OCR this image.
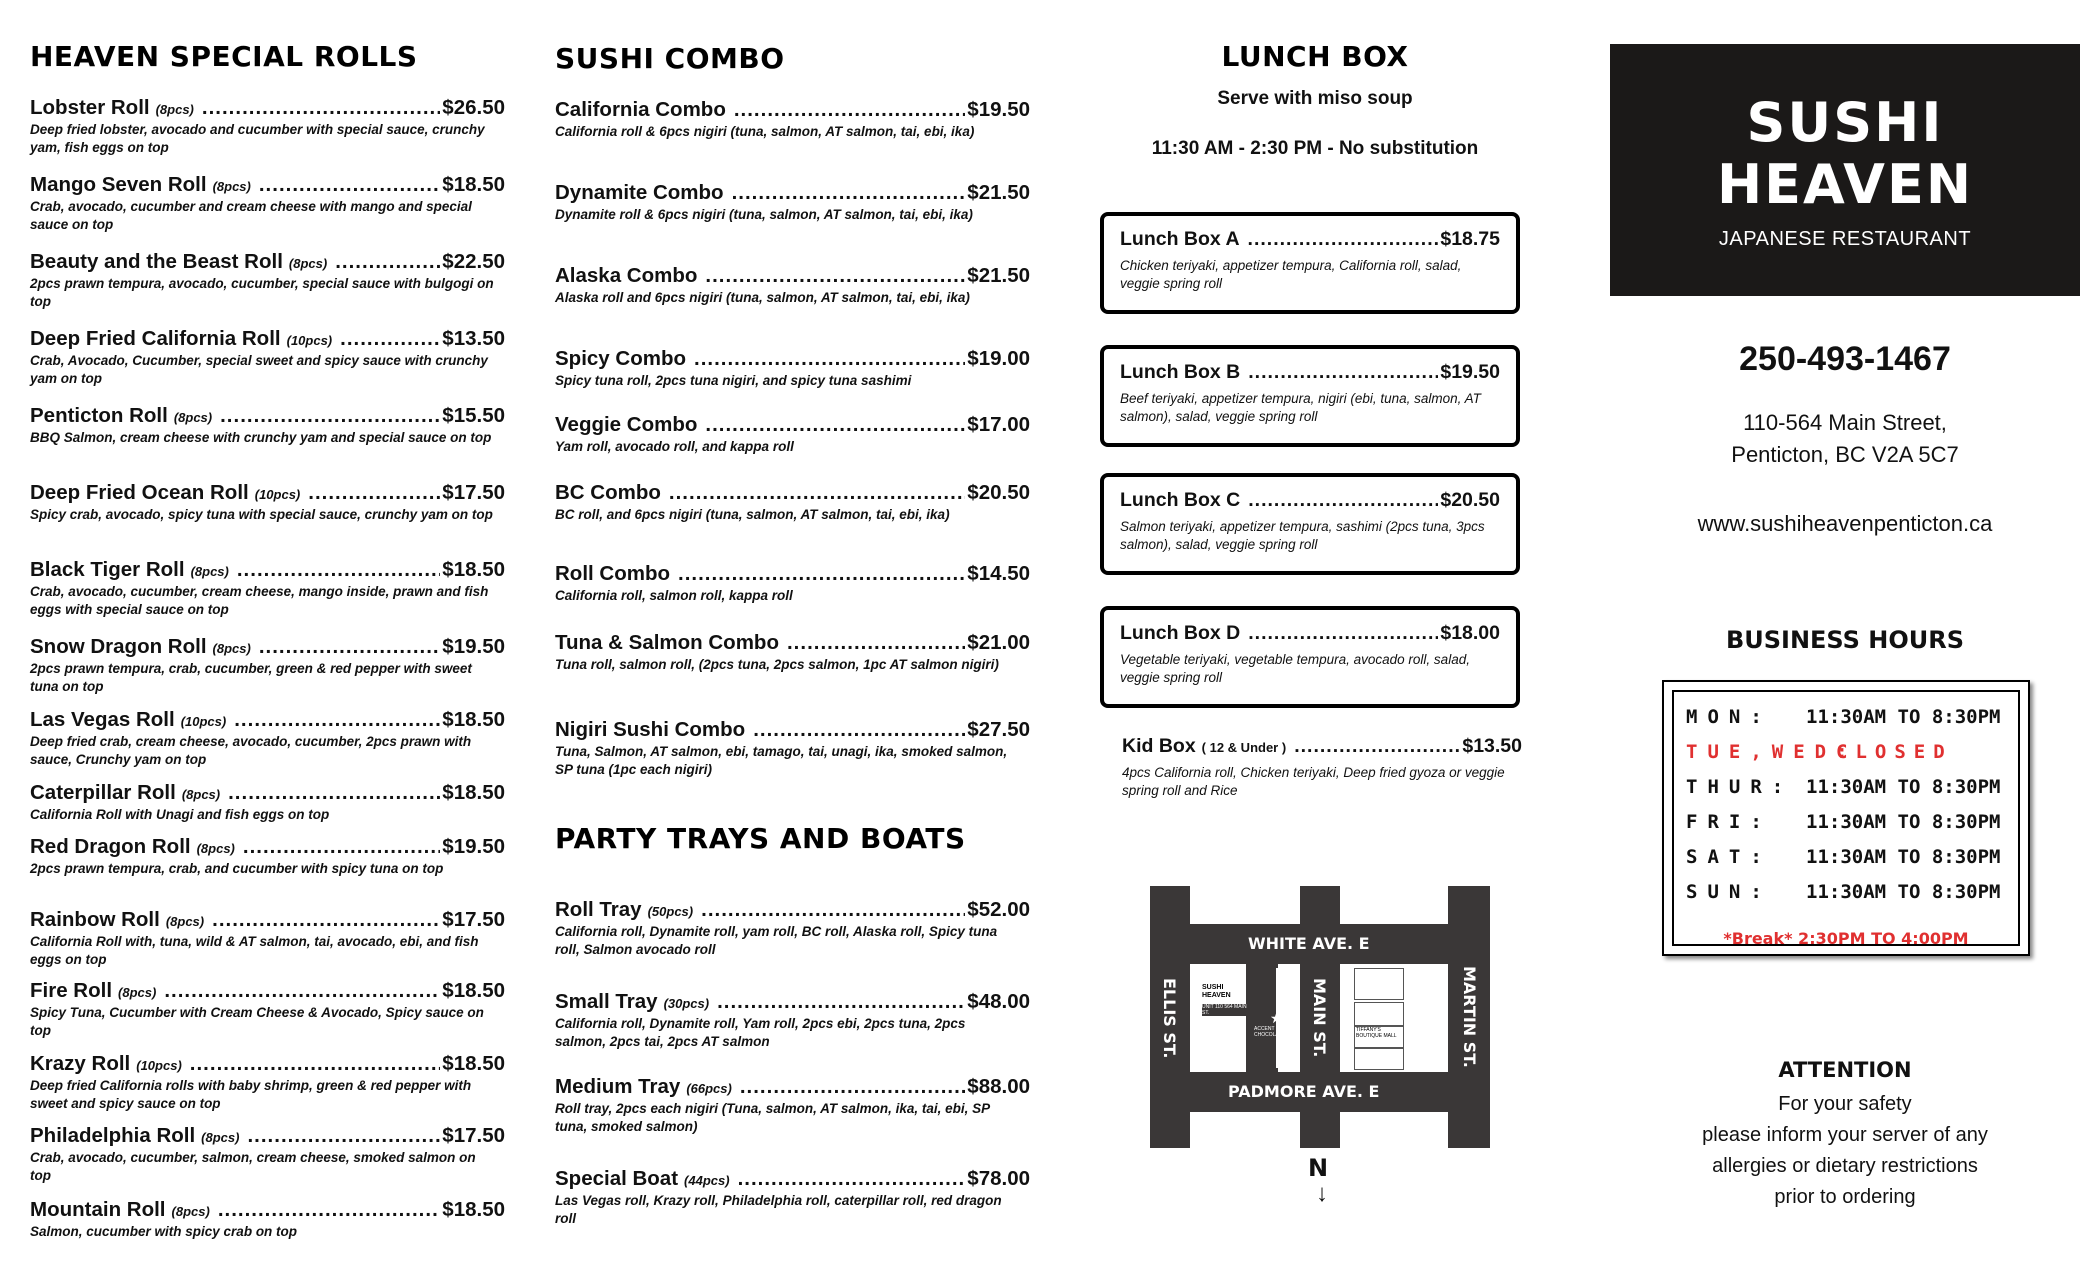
HEAVEN SPECIAL ROLLS
Lobster Roll (8pcs) .....	$26.50
Deep fried lobster, avocado and cucumber with special sauce, crunchy yam, fish eggs on top
Mango Seven Roll (8pcs) .....	$18.50
Crab, avocado, cucumber and cream cheese with mango and special sauce on top
Beauty and the Beast Roll (8pcs) .....	$22.50
2pcs prawn tempura, avocado, cucumber, special sauce with bulgogi on top
Deep Fried California Roll (10pcs) .....	$13.50
Crab, Avocado, Cucumber, special sweet and spicy sauce with crunchy yam on top
Penticton Roll (8pcs) .....	$15.50
BBQ Salmon, cream cheese with crunchy yam and special sauce on top
Deep Fried Ocean Roll (10pcs) .....	$17.50
Spicy crab, avocado, spicy tuna with special sauce, crunchy yam on top
Black Tiger Roll (8pcs) .....	$18.50
Crab, avocado, cucumber, cream cheese, mango inside, prawn and fish eggs with special sauce on top
Snow Dragon Roll (8pcs) .....	$19.50
2pcs prawn tempura, crab, cucumber, green & red pepper with sweet tuna on top
Las Vegas Roll (10pcs) .....	$18.50
Deep fried crab, cream cheese, avocado, cucumber, 2pcs prawn with sauce, Crunchy yam on top
Caterpillar Roll (8pcs) .....	$18.50
California Roll with Unagi and fish eggs on top
Red Dragon Roll (8pcs) .....	$19.50
2pcs prawn tempura, crab, and cucumber with spicy tuna on top
Rainbow Roll (8pcs) .....	$17.50
California Roll with, tuna, wild & AT salmon, tai, avocado, ebi, and fish eggs on top
Fire Roll (8pcs) .....	$18.50
Spicy Tuna, Cucumber with Cream Cheese & Avocado, Spicy sauce on top
Krazy Roll (10pcs) .....	$18.50
Deep fried California rolls with baby shrimp, green & red pepper with sweet and spicy sauce on top
Philadelphia Roll (8pcs) .....	$17.50
Crab, avocado, cucumber, salmon, cream cheese, smoked salmon on top
Mountain Roll (8pcs) .....	$18.50
Salmon, cucumber with spicy crab on top
SUSHI COMBO
California Combo .....	$19.50
California roll & 6pcs nigiri (tuna, salmon, AT salmon, tai, ebi, ika)
Dynamite Combo .....	$21.50
Dynamite roll & 6pcs nigiri (tuna, salmon, AT salmon, tai, ebi, ika)
Alaska Combo .....	$21.50
Alaska roll and 6pcs nigiri (tuna, salmon, AT salmon, tai, ebi, ika)
Spicy Combo .....	$19.00
Spicy tuna roll, 2pcs tuna nigiri, and spicy tuna sashimi
Veggie Combo .....	$17.00
Yam roll, avocado roll, and kappa roll
BC Combo .....	$20.50
BC roll, and 6pcs nigiri (tuna, salmon, AT salmon, tai, ebi, ika)
Roll Combo .....	$14.50
California roll, salmon roll, kappa roll
Tuna & Salmon Combo .....	$21.00
Tuna roll, salmon roll, (2pcs tuna, 2pcs salmon, 1pc AT salmon nigiri)
Nigiri Sushi Combo .....	$27.50
Tuna, Salmon, AT salmon, ebi, tamago, tai, unagi, ika, smoked salmon, SP tuna (1pc each nigiri)
PARTY TRAYS AND BOATS
Roll Tray (50pcs) .....	$52.00
California roll, Dynamite roll, yam roll, BC roll, Alaska roll, Spicy tuna roll, Salmon avocado roll
Small Tray (30pcs) .....	$48.00
California roll, Dynamite roll, Yam roll, 2pcs ebi, 2pcs tuna, 2pcs salmon, 2pcs tai, 2pcs AT salmon
Medium Tray (66pcs) .....	$88.00
Roll tray, 2pcs each nigiri (Tuna, salmon, AT salmon, ika, tai, ebi, SP tuna, smoked salmon)
Special Boat (44pcs) .....	$78.00
Las Vegas roll, Krazy roll, Philadelphia roll, caterpillar roll, red dragon roll
LUNCH BOX
Serve with miso soup
11:30 AM - 2:30 PM - No substitution
Lunch Box A .....	$18.75
Chicken teriyaki, appetizer tempura, California roll, salad, veggie spring roll
Lunch Box B .....	$19.50
Beef teriyaki, appetizer tempura, nigiri (ebi, tuna, salmon, AT salmon), salad, veggie spring roll
Lunch Box C .....	$20.50
Salmon teriyaki, appetizer tempura, sashimi (2pcs tuna, 3pcs salmon), salad, veggie spring roll
Lunch Box D .....	$18.00
Vegetable teriyaki, vegetable tempura, avocado roll, salad, veggie spring roll
Kid Box ( 12 & Under ) .....	$13.50
4pcs California roll, Chicken teriyaki, Deep fried gyoza or veggie spring roll and Rice
WHITE AVE. E
PADMORE AVE. E
ELLIS ST.	MAIN ST.	MARTIN ST.
SUSHI HEAVEN
UNIT 110 564 MAIN ST.
ACCENT CHOCOLATE
★
TIFFANY'S BOUTIQUE MALL
N
↓
SUSHI
HEAVEN
JAPANESE RESTAURANT
250-493-1467
110-564 Main Street,
Penticton, BC V2A 5C7
www.sushiheavenpenticton.ca
BUSINESS HOURS
MON:	11:30AM TO 8:30PM
TUE,WED:
CLOSED
THUR: 11:30AM TO 8:30PM
FRI:	11:30AM TO 8:30PM
SAT:	11:30AM TO 8:30PM
SUN:	11:30AM TO 8:30PM
*Break* 2:30PM TO 4:00PM
ATTENTION
For your safety
please inform your server of any
allergies or dietary restrictions
prior to ordering
